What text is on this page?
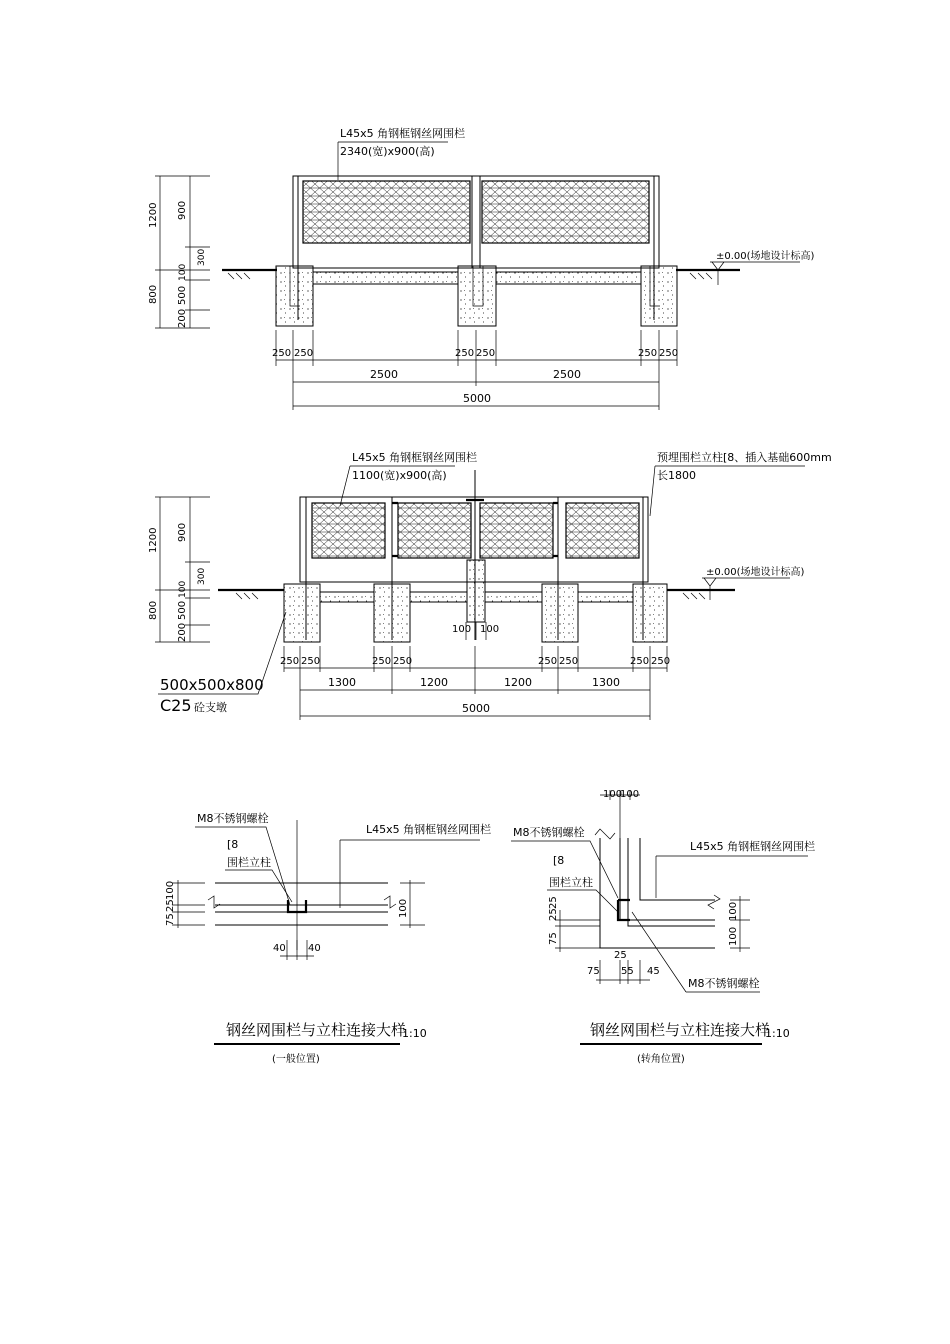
L45x5 角钢框钢丝网围栏
2340(宽)x900(高)
±0.00(场地设计标高)
1200 900
300
100
800 500
200
250 250	250 250	250 250
2500	2500
5000
L45x5 角钢框钢丝网围栏
1100(宽)x900(高)
预埋围栏立柱[8、插入基础600mm
长1800
±0.00(场地设计标高)
1200 900
300
100
800 500
200	100 100
250 250	250 250	250 250	250 250
1300	1200	1200	1300
5000
500x500x800
C25 砼支墩
M8不锈钢螺栓
[8
围栏立柱
L45x5 角钢框钢丝网围栏
25
75
100
100
40 40
钢丝网围栏与立柱连接大样
1:10
(一般位置)
100
100
M8不锈钢螺栓
[8
围栏立柱
L45x5 角钢框钢丝网围栏
25
75
25
100
100
25
75 55 45
M8不锈钢螺栓
钢丝网围栏与立柱连接大样
1:10
(转角位置)
